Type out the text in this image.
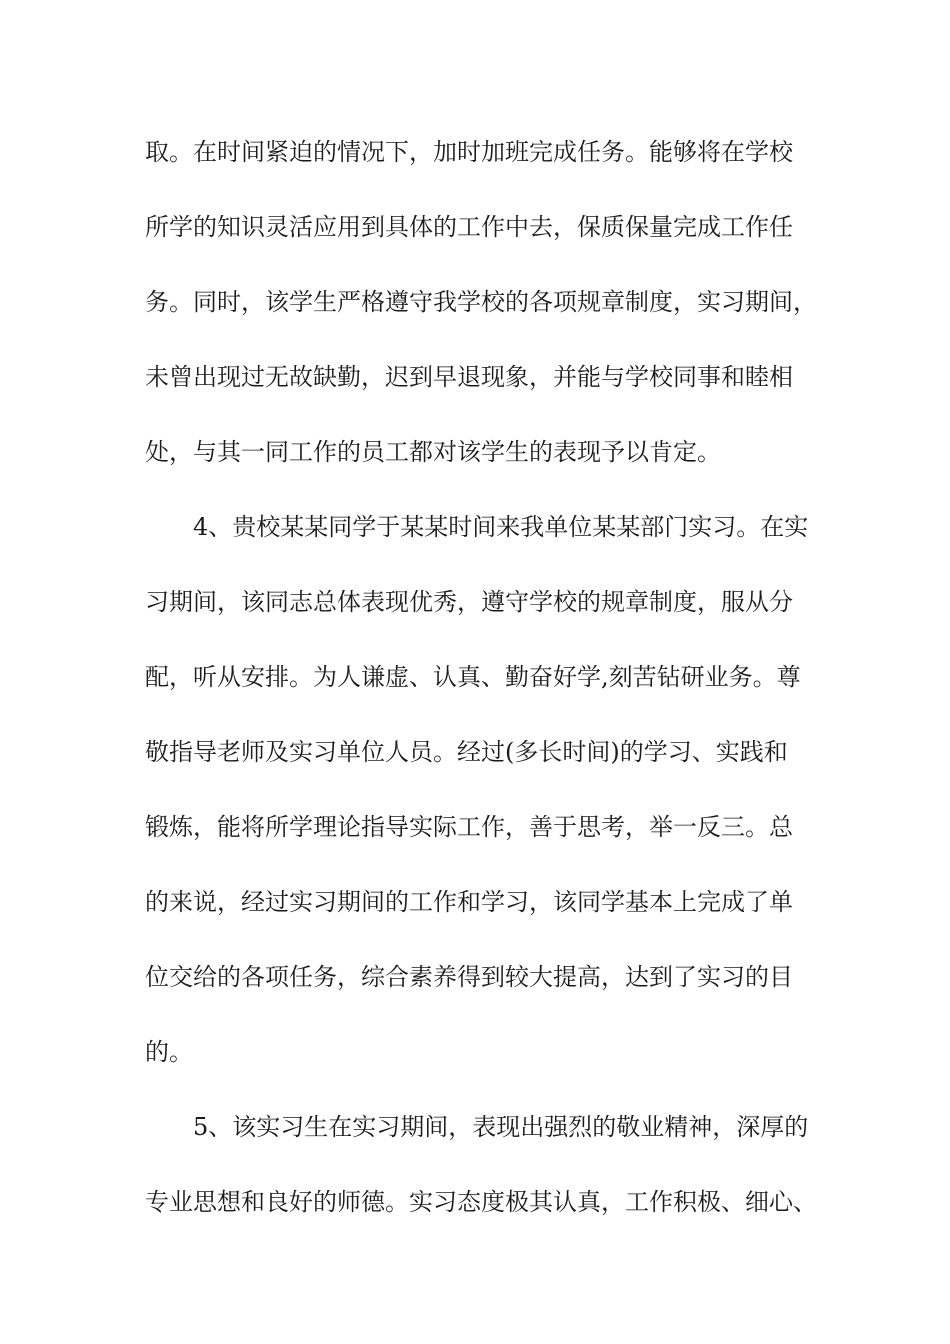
取。在时间紧迫的情况下，加时加班完成任务。能够将在学校

所学的知识灵活应用到具体的工作中去，保质保量完成工作任

务。同时，该学生严格遵守我学校的各项规章制度，实习期间，

未曾出现过无故缺勤，迟到早退现象，并能与学校同事和睦相

处，与其一同工作的员工都对该学生的表现予以肯定。

4、贵校某某同学于某某时间来我单位某某部门实习。在实

习期间，该同志总体表现优秀，遵守学校的规章制度，服从分

配，听从安排。为人谦虚、认真、勤奋好学,刻苦钻研业务。尊

敬指导老师及实习单位人员。经过(多长时间)的学习、实践和

锻炼，能将所学理论指导实际工作，善于思考，举一反三。总

的来说，经过实习期间的工作和学习，该同学基本上完成了单

位交给的各项任务，综合素养得到较大提高，达到了实习的目

的。

5、该实习生在实习期间，表现出强烈的敬业精神，深厚的

专业思想和良好的师德。实习态度极其认真，工作积极、细心、
